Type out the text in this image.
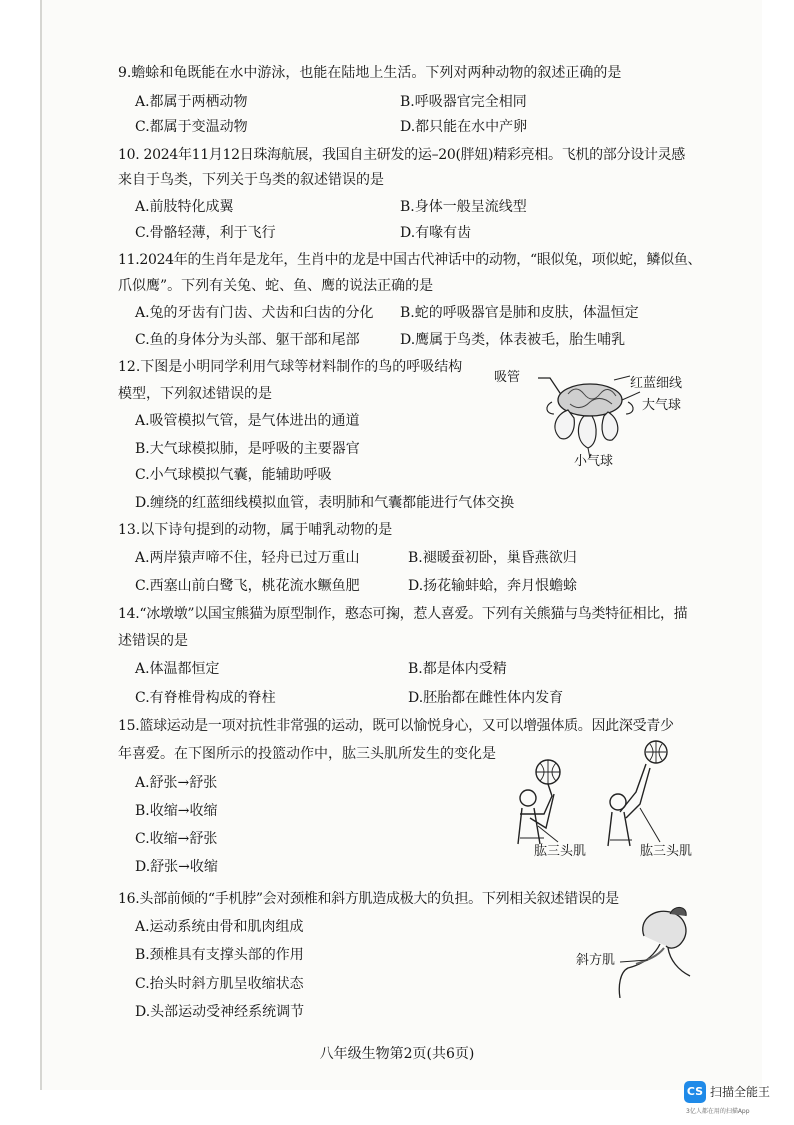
9.蟾蜍和龟既能在水中游泳，也能在陆地上生活。下列对两种动物的叙述正确的是
A.都属于两栖动物	B.呼吸器官完全相同
C.都属于变温动物	D.都只能在水中产卵
10. 2024年11月12日珠海航展，我国自主研发的运–20(胖妞)精彩亮相。飞机的部分设计灵感
来自于鸟类，下列关于鸟类的叙述错误的是
A.前肢特化成翼	B.身体一般呈流线型
C.骨骼轻薄，利于飞行	D.有喙有齿
11.2024年的生肖年是龙年，生肖中的龙是中国古代神话中的动物，“眼似兔，项似蛇，鳞似鱼、
爪似鹰”。下列有关兔、蛇、鱼、鹰的说法正确的是
A.兔的牙齿有门齿、犬齿和臼齿的分化 B.蛇的呼吸器官是肺和皮肤，体温恒定
C.鱼的身体分为头部、躯干部和尾部	D.鹰属于鸟类，体表被毛，胎生哺乳
12.下图是小明同学利用气球等材料制作的鸟的呼吸结构
模型，下列叙述错误的是
A.吸管模拟气管，是气体进出的通道
B.大气球模拟肺，是呼吸的主要器官
C.小气球模拟气囊，能辅助呼吸
D.缠绕的红蓝细线模拟血管，表明肺和气囊都能进行气体交换
吸管	红蓝细线
大气球
小气球
13.以下诗句提到的动物，属于哺乳动物的是
A.两岸猿声啼不住，轻舟已过万重山	B.褪暖蚕初卧，巢昏燕欲归
C.西塞山前白鹭飞，桃花流水鳜鱼肥	D.扬花输蚌蛤，奔月恨蟾蜍
14.“冰墩墩”以国宝熊猫为原型制作，憨态可掬，惹人喜爱。下列有关熊猫与鸟类特征相比，描
述错误的是
A.体温都恒定	B.都是体内受精
C.有脊椎骨构成的脊柱	D.胚胎都在雌性体内发育
15.篮球运动是一项对抗性非常强的运动，既可以愉悦身心，又可以增强体质。因此深受青少
年喜爱。在下图所示的投篮动作中，肱三头肌所发生的变化是
A.舒张→舒张
B.收缩→收缩
C.收缩→舒张
D.舒张→收缩
肱三头肌	肱三头肌
16.头部前倾的“手机脖”会对颈椎和斜方肌造成极大的负担。下列相关叙述错误的是
A.运动系统由骨和肌肉组成
B.颈椎具有支撑头部的作用
C.抬头时斜方肌呈收缩状态
D.头部运动受神经系统调节
斜方肌
八年级生物第2页(共6页)
CS 扫描全能王
3亿人都在用的扫描App
